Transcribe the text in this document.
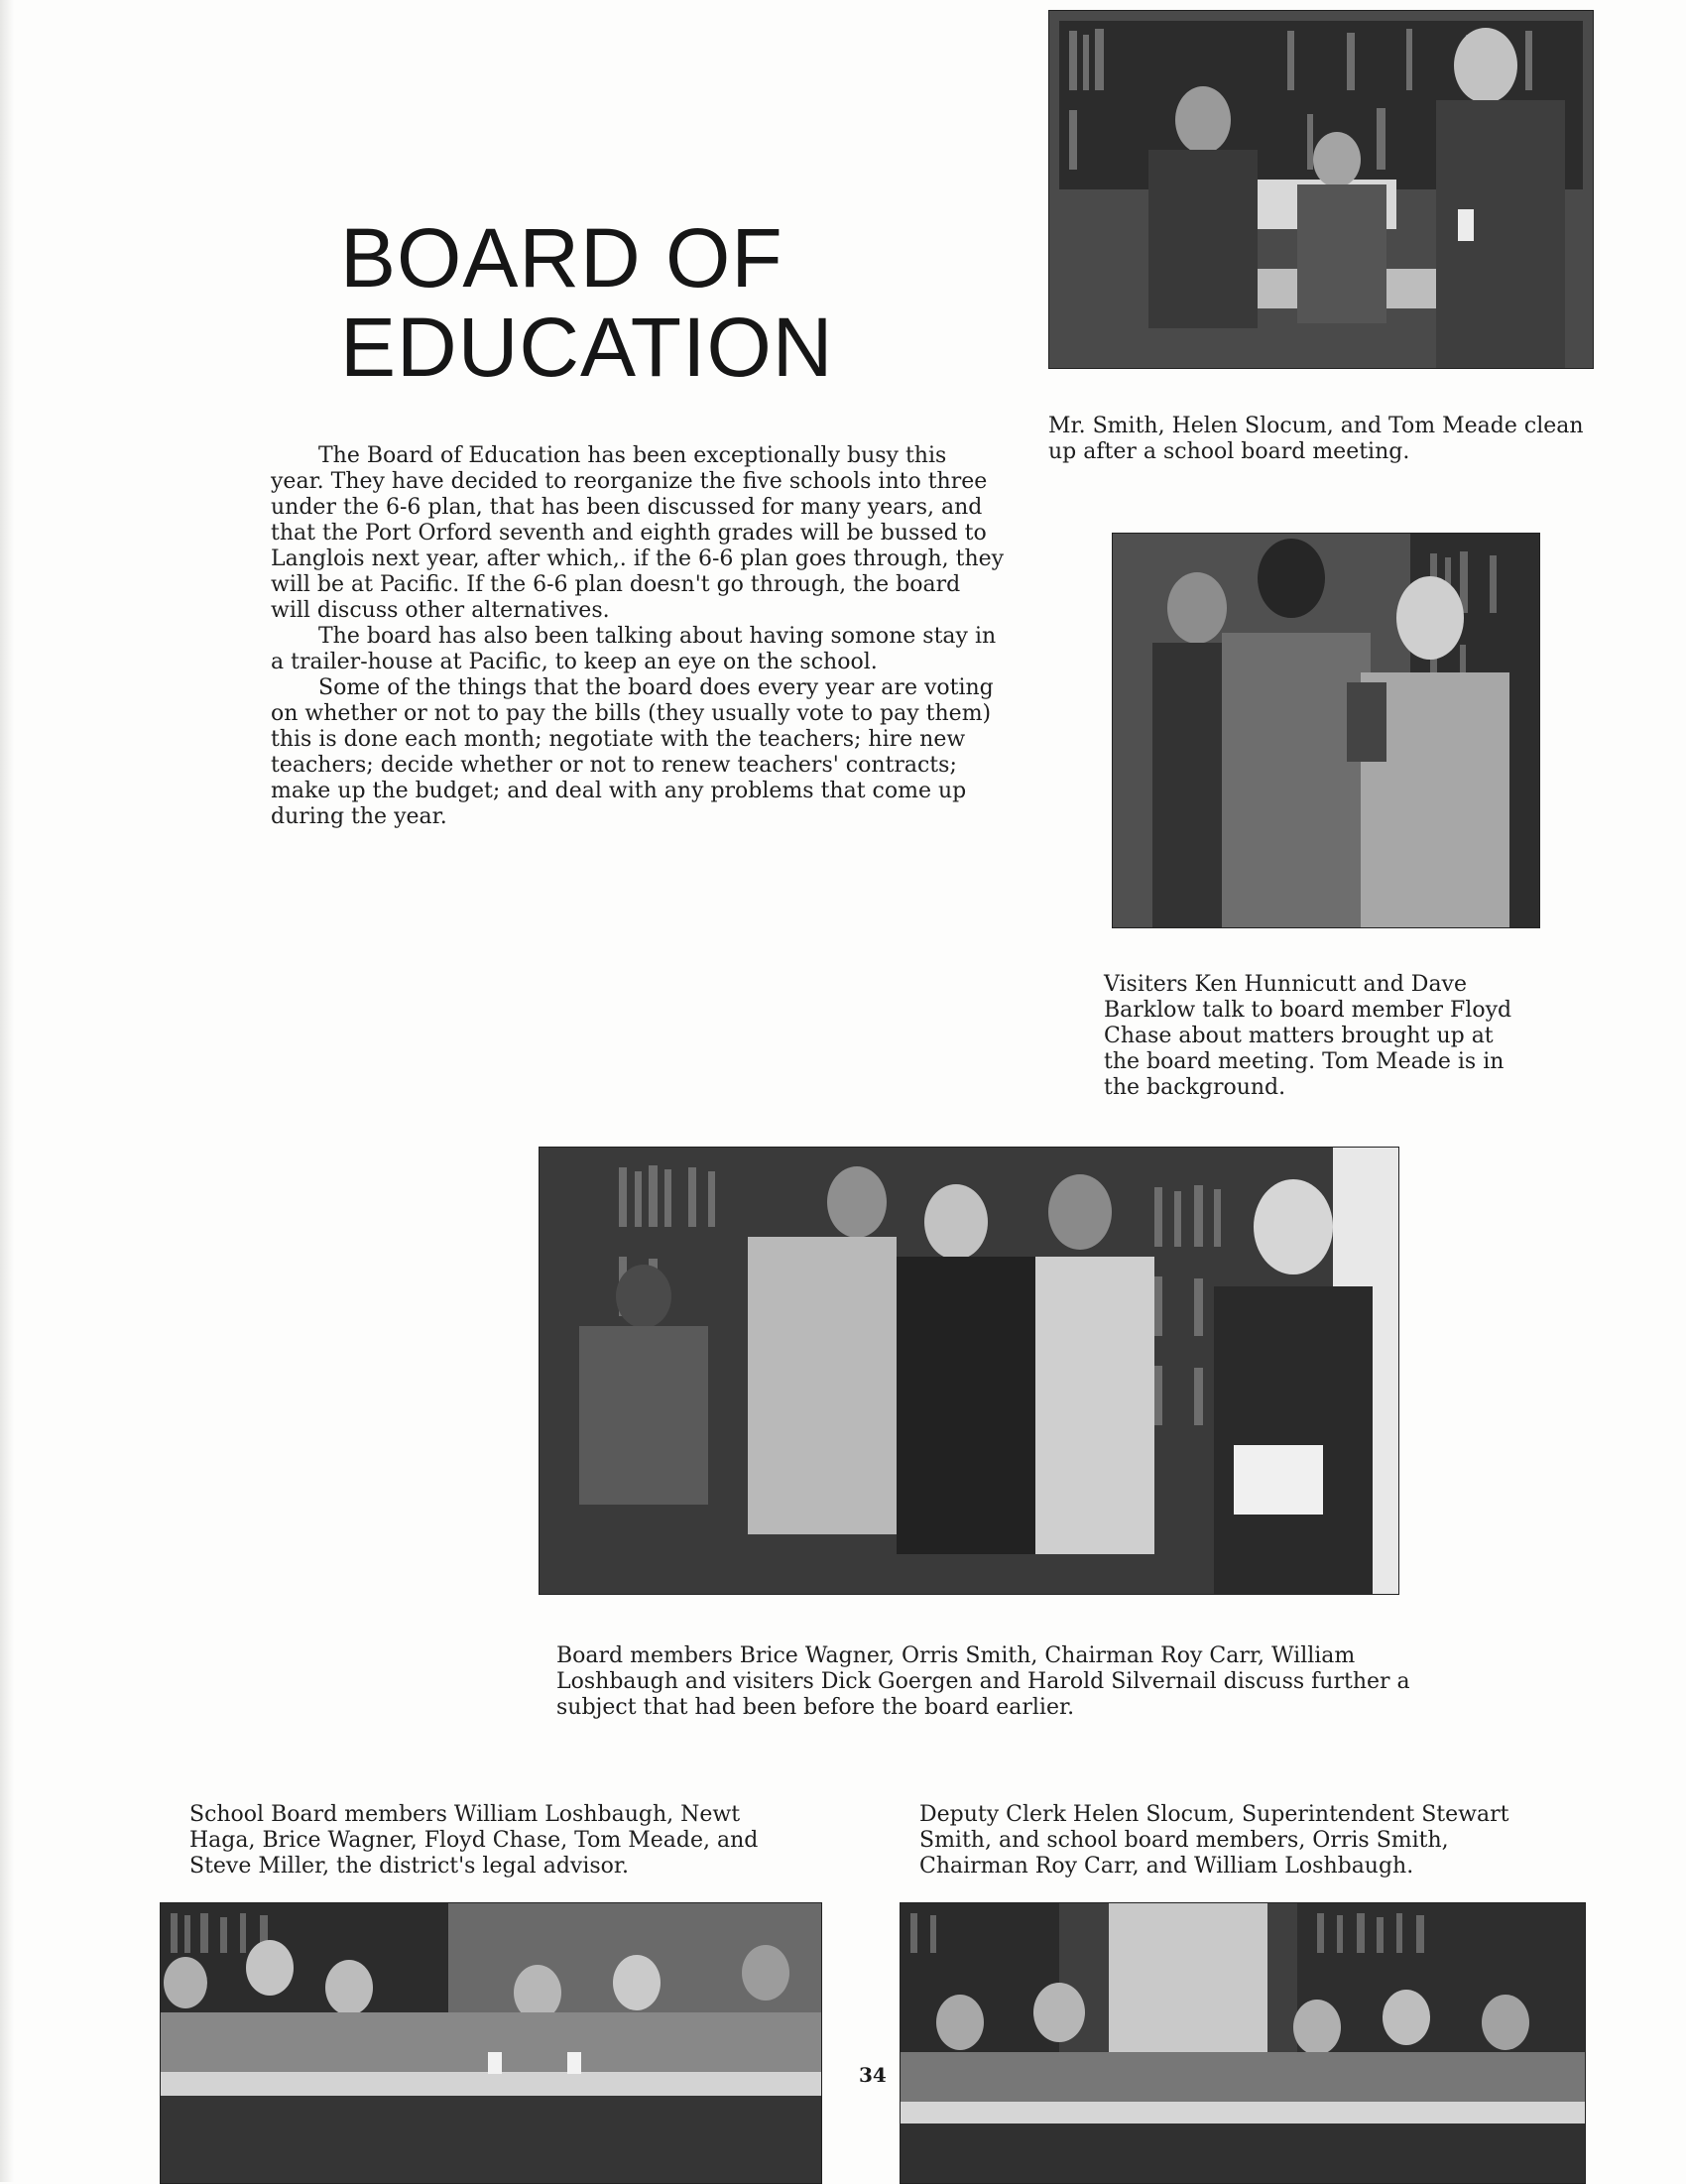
BOARD OF
EDUCATION

The Board of Education has been exceptionally busy this year. They have decided to reorganize the five schools into three under the 6-6 plan, that has been discussed for many years, and that the Port Orford seventh and eighth grades will be bussed to Langlois next year, after which,. if the 6-6 plan goes through, they will be at Pacific. If the 6-6 plan doesn't go through, the board will discuss other alternatives.

The board has also been talking about having somone stay in a trailer-house at Pacific, to keep an eye on the school.

Some of the things that the board does every year are voting on whether or not to pay the bills (they usually vote to pay them) this is done each month; negotiate with the teachers; hire new teachers; decide whether or not to renew teachers' contracts; make up the budget; and deal with any problems that come up during the year.

Mr. Smith, Helen Slocum, and Tom Meade clean up after a school board meeting.

Visiters Ken Hunnicutt and Dave Barklow talk to board member Floyd Chase about matters brought up at the board meeting. Tom Meade is in the background.

Board members Brice Wagner, Orris Smith, Chairman Roy Carr, William Loshbaugh and visiters Dick Goergen and Harold Silvernail discuss further a subject that had been before the board earlier.

School Board members William Loshbaugh, Newt Haga, Brice Wagner, Floyd Chase, Tom Meade, and Steve Miller, the district's legal advisor.

Deputy Clerk Helen Slocum, Superintendent Stewart Smith, and school board members, Orris Smith, Chairman Roy Carr, and William Loshbaugh.

34
